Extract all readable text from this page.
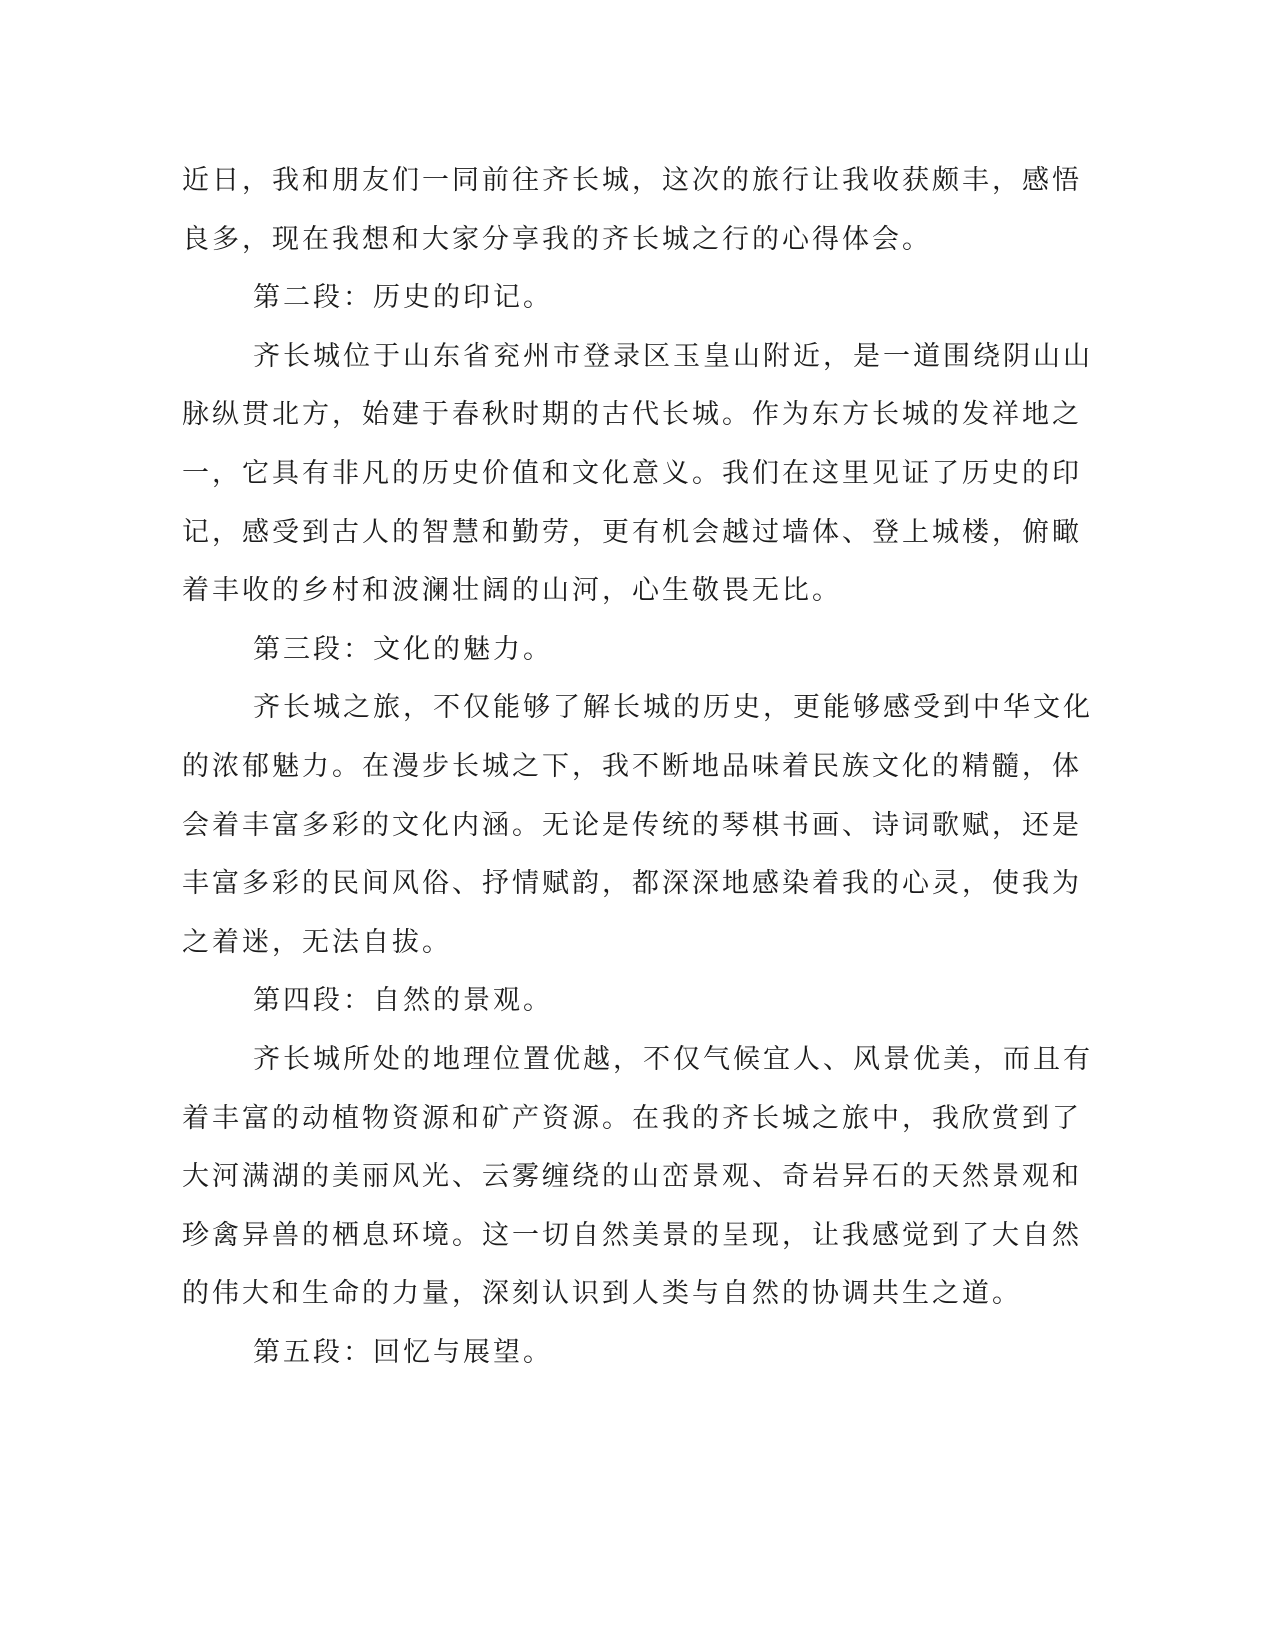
近日，我和朋友们一同前往齐长城，这次的旅行让我收获颇丰，感悟
良多，现在我想和大家分享我的齐长城之行的心得体会。
第二段：历史的印记。
齐长城位于山东省兖州市登录区玉皇山附近，是一道围绕阴山山
脉纵贯北方，始建于春秋时期的古代长城。作为东方长城的发祥地之
一，它具有非凡的历史价值和文化意义。我们在这里见证了历史的印
记，感受到古人的智慧和勤劳，更有机会越过墙体、登上城楼，俯瞰
着丰收的乡村和波澜壮阔的山河，心生敬畏无比。
第三段：文化的魅力。
齐长城之旅，不仅能够了解长城的历史，更能够感受到中华文化
的浓郁魅力。在漫步长城之下，我不断地品味着民族文化的精髓，体
会着丰富多彩的文化内涵。无论是传统的琴棋书画、诗词歌赋，还是
丰富多彩的民间风俗、抒情赋韵，都深深地感染着我的心灵，使我为
之着迷，无法自拔。
第四段：自然的景观。
齐长城所处的地理位置优越，不仅气候宜人、风景优美，而且有
着丰富的动植物资源和矿产资源。在我的齐长城之旅中，我欣赏到了
大河满湖的美丽风光、云雾缠绕的山峦景观、奇岩异石的天然景观和
珍禽异兽的栖息环境。这一切自然美景的呈现，让我感觉到了大自然
的伟大和生命的力量，深刻认识到人类与自然的协调共生之道。
第五段：回忆与展望。
